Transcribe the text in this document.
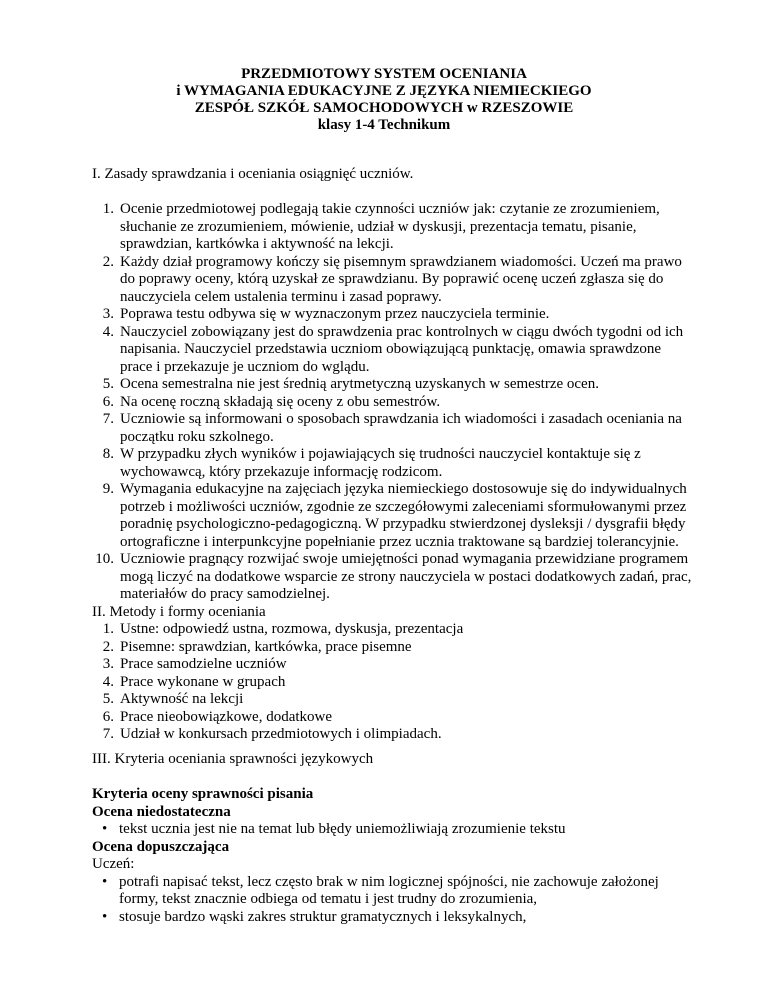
PRZEDMIOTOWY SYSTEM OCENIANIA
i WYMAGANIA EDUKACYJNE Z JĘZYKA NIEMIECKIEGO
ZESPÓŁ SZKÓŁ SAMOCHODOWYCH w RZESZOWIE
klasy 1-4 Technikum
I. Zasady sprawdzania i oceniania osiągnięć uczniów.
1. Ocenie przedmiotowej podlegają takie czynności uczniów jak: czytanie ze zrozumieniem, słuchanie ze zrozumieniem, mówienie, udział w dyskusji, prezentacja tematu, pisanie, sprawdzian, kartkówka i aktywność na lekcji.
2. Każdy dział programowy kończy się pisemnym sprawdzianem wiadomości. Uczeń ma prawo do poprawy oceny, którą uzyskał ze sprawdzianu. By poprawić ocenę uczeń zgłasza się do nauczyciela celem ustalenia terminu i zasad poprawy.
3. Poprawa testu odbywa się w wyznaczonym przez nauczyciela terminie.
4. Nauczyciel zobowiązany jest do sprawdzenia prac kontrolnych w ciągu dwóch tygodni od ich napisania. Nauczyciel przedstawia uczniom obowiązującą punktację, omawia sprawdzone prace i przekazuje je uczniom do wglądu.
5. Ocena semestralna nie jest średnią arytmetyczną uzyskanych w semestrze ocen.
6. Na ocenę roczną składają się oceny z obu semestrów.
7. Uczniowie są informowani o sposobach sprawdzania ich wiadomości i zasadach oceniania na początku roku szkolnego.
8. W przypadku złych wyników i pojawiających się trudności nauczyciel kontaktuje się z wychowawcą, który przekazuje informację rodzicom.
9. Wymagania edukacyjne na zajęciach języka niemieckiego dostosowuje się do indywidualnych potrzeb i możliwości uczniów, zgodnie ze szczegółowymi zaleceniami sformułowanymi przez poradnię psychologiczno-pedagogiczną. W przypadku stwierdzonej dysleksji / dysgrafii błędy ortograficzne i interpunkcyjne popełnianie przez ucznia traktowane są bardziej tolerancyjnie.
10. Uczniowie pragnący rozwijać swoje umiejętności ponad wymagania przewidziane programem mogą liczyć na dodatkowe wsparcie ze strony nauczyciela w postaci dodatkowych zadań, prac, materiałów do pracy samodzielnej.
II. Metody i formy oceniania
1. Ustne: odpowiedź ustna, rozmowa, dyskusja, prezentacja
2. Pisemne: sprawdzian, kartkówka, prace pisemne
3. Prace samodzielne uczniów
4. Prace wykonane w grupach
5. Aktywność na lekcji
6. Prace nieobowiązkowe, dodatkowe
7. Udział w konkursach przedmiotowych i olimpiadach.
III. Kryteria oceniania sprawności językowych
Kryteria oceny sprawności pisania
Ocena niedostateczna
• tekst ucznia jest nie na temat lub błędy uniemożliwiają zrozumienie tekstu
Ocena dopuszczająca
Uczeń:
• potrafi napisać tekst, lecz często brak w nim logicznej spójności, nie zachowuje założonej formy, tekst znacznie odbiega od tematu i jest trudny do zrozumienia,
• stosuje bardzo wąski zakres struktur gramatycznych i leksykalnych,
